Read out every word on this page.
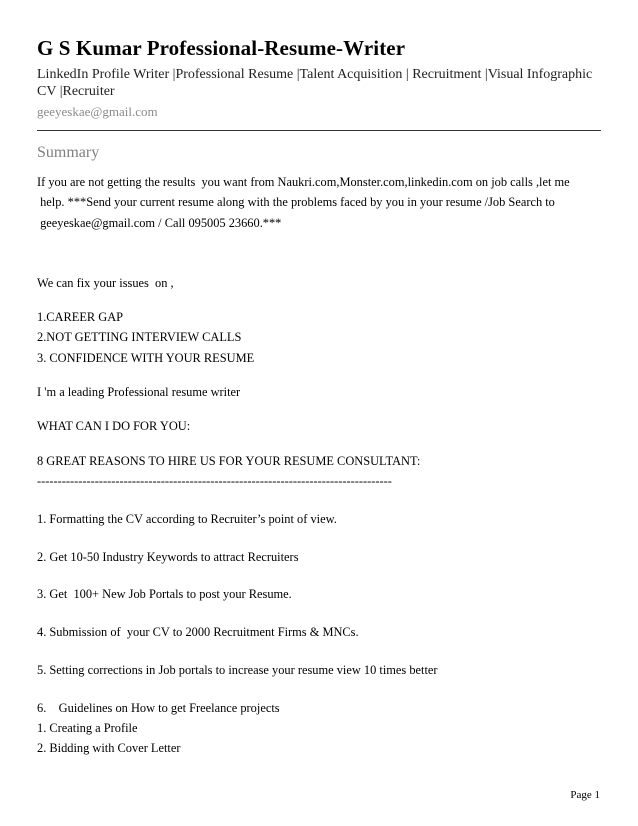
G S Kumar Professional-Resume-Writer
LinkedIn Profile Writer |Professional Resume |Talent Acquisition | Recruitment |Visual Infographic
CV |Recruiter
geeyeskae@gmail.com
Summary
If you are not getting the results  you want from Naukri.com,Monster.com,linkedin.com on job calls ,let me
help. ***Send your current resume along with the problems faced by you in your resume /Job Search to
geeyeskae@gmail.com / Call 095005 23660.***
We can fix your issues  on ,
1.CAREER GAP
2.NOT GETTING INTERVIEW CALLS
3. CONFIDENCE WITH YOUR RESUME
I 'm a leading Professional resume writer
WHAT CAN I DO FOR YOU:
8 GREAT REASONS TO HIRE US FOR YOUR RESUME CONSULTANT:
--------------------------------------------------------------------------------------
1. Formatting the CV according to Recruiter’s point of view.
2. Get 10-50 Industry Keywords to attract Recruiters
3. Get  100+ New Job Portals to post your Resume.
4. Submission of  your CV to 2000 Recruitment Firms & MNCs.
5. Setting corrections in Job portals to increase your resume view 10 times better
6.    Guidelines on How to get Freelance projects
1. Creating a Profile
2. Bidding with Cover Letter
Page 1
